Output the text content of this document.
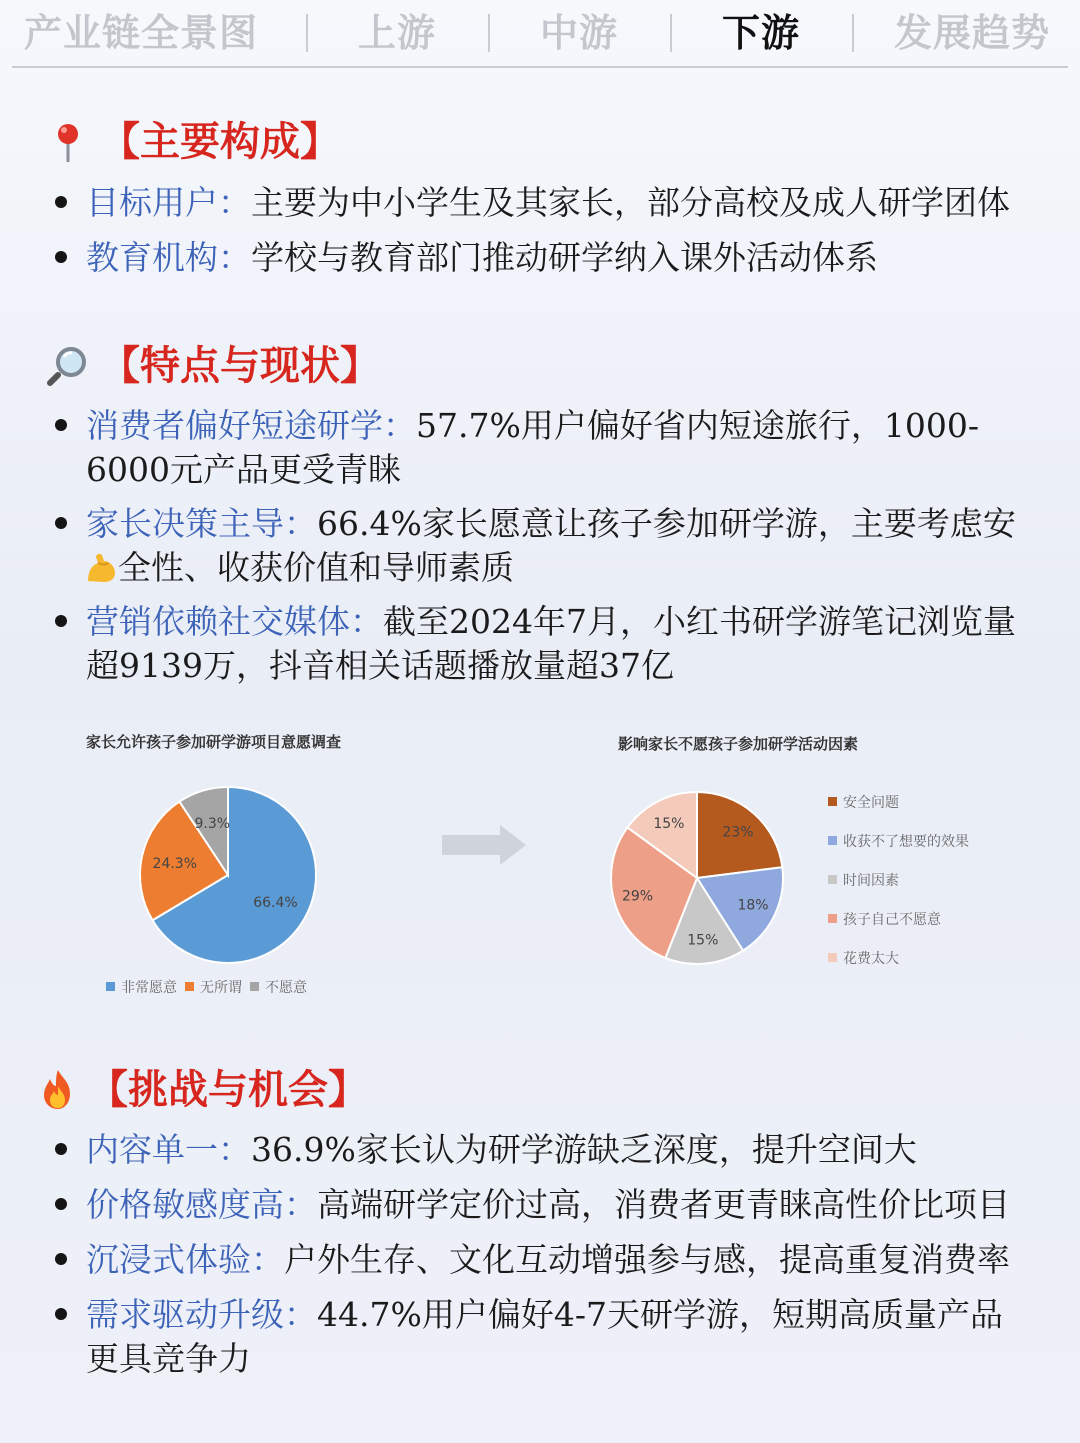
产业链全景图	上游	中游	下游 发展趋势
【主要构成】
目标用户：主要为中小学生及其家长，部分高校及成人研学团体
教育机构：学校与教育部门推动研学纳入课外活动体系
【特点与现状】
消费者偏好短途研学：57.7%用户偏好省内短途旅行，1000-
6000元产品更受青睐
家长决策主导：66.4%家长愿意让孩子参加研学游，主要考虑安
全性、收获价值和导师素质
营销依赖社交媒体：截至2024年7月，小红书研学游笔记浏览量
超9139万，抖音相关话题播放量超37亿
家长允许孩子参加研学游项目意愿调查	影响家长不愿孩子参加研学活动因素
66.4%
24.3%
9.3%
非常愿意 无所谓 不愿意
23%
18%
15%
29%
15%
安全问题
收获不了想要的效果
时间因素
孩子自己不愿意
花费太大
【挑战与机会】
内容单一：36.9%家长认为研学游缺乏深度，提升空间大
价格敏感度高：高端研学定价过高，消费者更青睐高性价比项目
沉浸式体验：户外生存、文化互动增强参与感，提高重复消费率
需求驱动升级：44.7%用户偏好4-7天研学游，短期高质量产品
更具竞争力
